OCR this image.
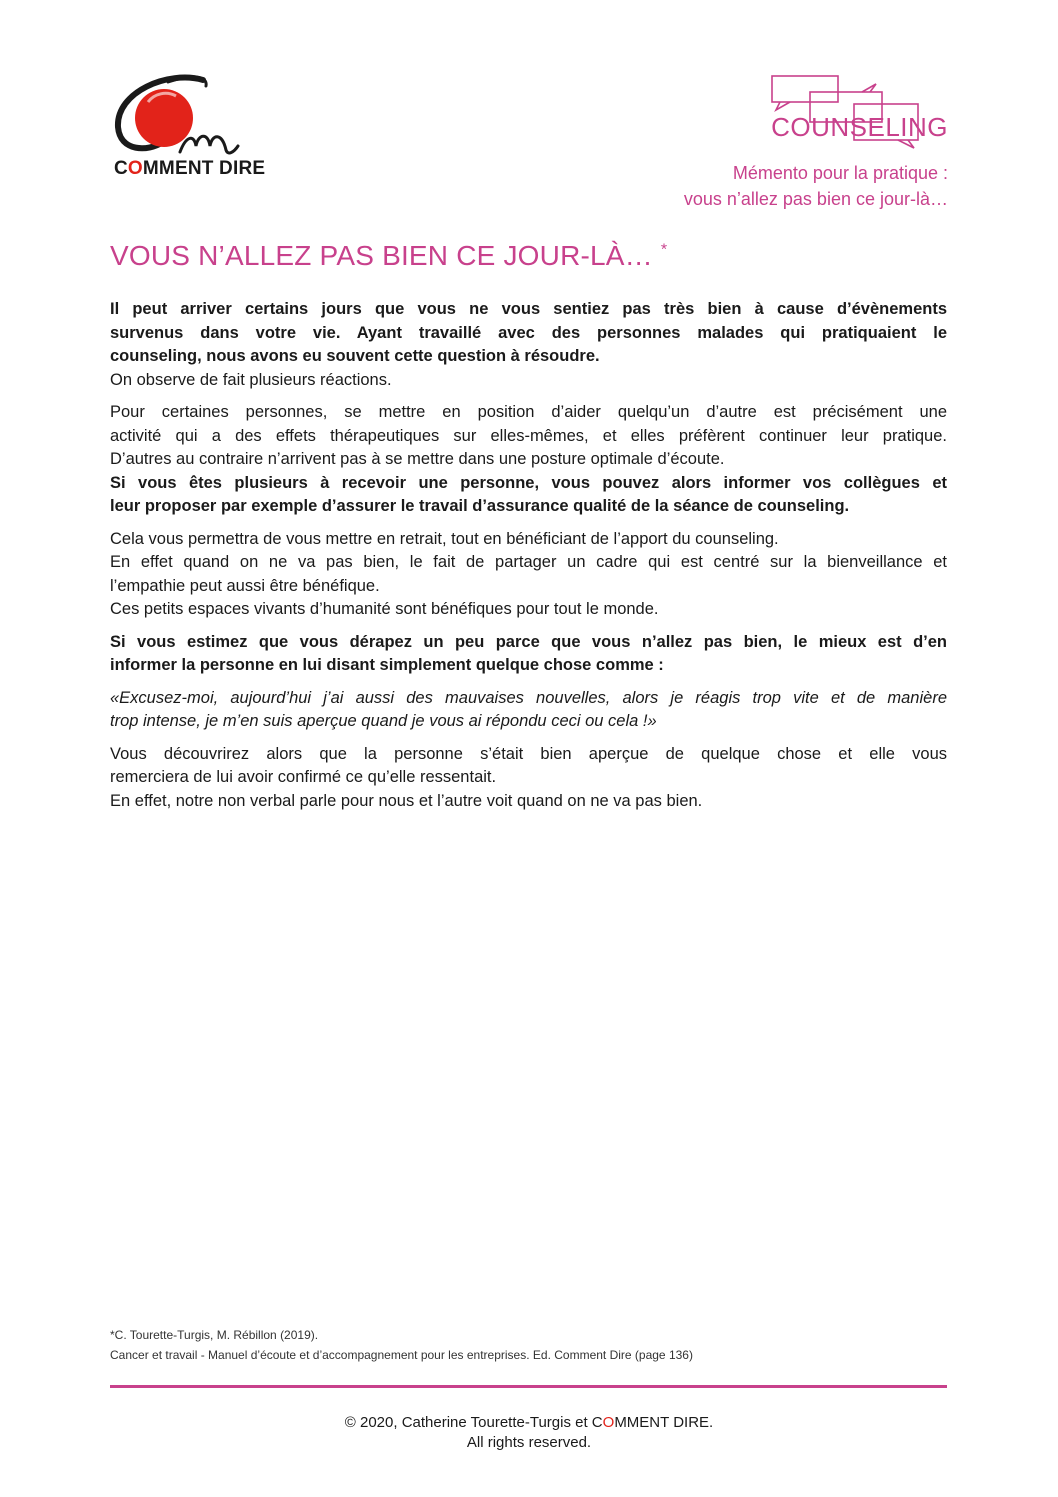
COMMENT DIRE
COUNSELING
Mémento pour la pratique :
vous n’allez pas bien ce jour-là…
VOUS N’ALLEZ PAS BIEN CE JOUR-LÀ… *

Il peut arriver certains jours que vous ne vous sentiez pas très bien à cause d’évènements
survenus dans votre vie. Ayant travaillé avec des personnes malades qui pratiquaient le
counseling, nous avons eu souvent cette question à résoudre.
On observe de fait plusieurs réactions.

Pour certaines personnes, se mettre en position d’aider quelqu’un d’autre est précisément une
activité qui a des effets thérapeutiques sur elles-mêmes, et elles préfèrent continuer leur pratique.
D’autres au contraire n’arrivent pas à se mettre dans une posture optimale d’écoute.
Si vous êtes plusieurs à recevoir une personne, vous pouvez alors informer vos collègues et
leur proposer par exemple d’assurer le travail d’assurance qualité de la séance de counseling.

Cela vous permettra de vous mettre en retrait, tout en bénéficiant de l’apport du counseling.
En effet quand on ne va pas bien, le fait de partager un cadre qui est centré sur la bienveillance et
l’empathie peut aussi être bénéfique.
Ces petits espaces vivants d’humanité sont bénéfiques pour tout le monde.

Si vous estimez que vous dérapez un peu parce que vous n’allez pas bien, le mieux est d’en
informer la personne en lui disant simplement quelque chose comme :

«Excusez-moi, aujourd’hui j’ai aussi des mauvaises nouvelles, alors je réagis trop vite et de manière
trop intense, je m’en suis aperçue quand je vous ai répondu ceci ou cela !»

Vous découvrirez alors que la personne s’était bien aperçue de quelque chose et elle vous
remerciera de lui avoir confirmé ce qu’elle ressentait.
En effet, notre non verbal parle pour nous et l’autre voit quand on ne va pas bien.

*C. Tourette-Turgis, M. Rébillon (2019).
Cancer et travail - Manuel d’écoute et d’accompagnement pour les entreprises. Ed. Comment Dire (page 136)
© 2020, Catherine Tourette-Turgis et COMMENT DIRE.
All rights reserved.
